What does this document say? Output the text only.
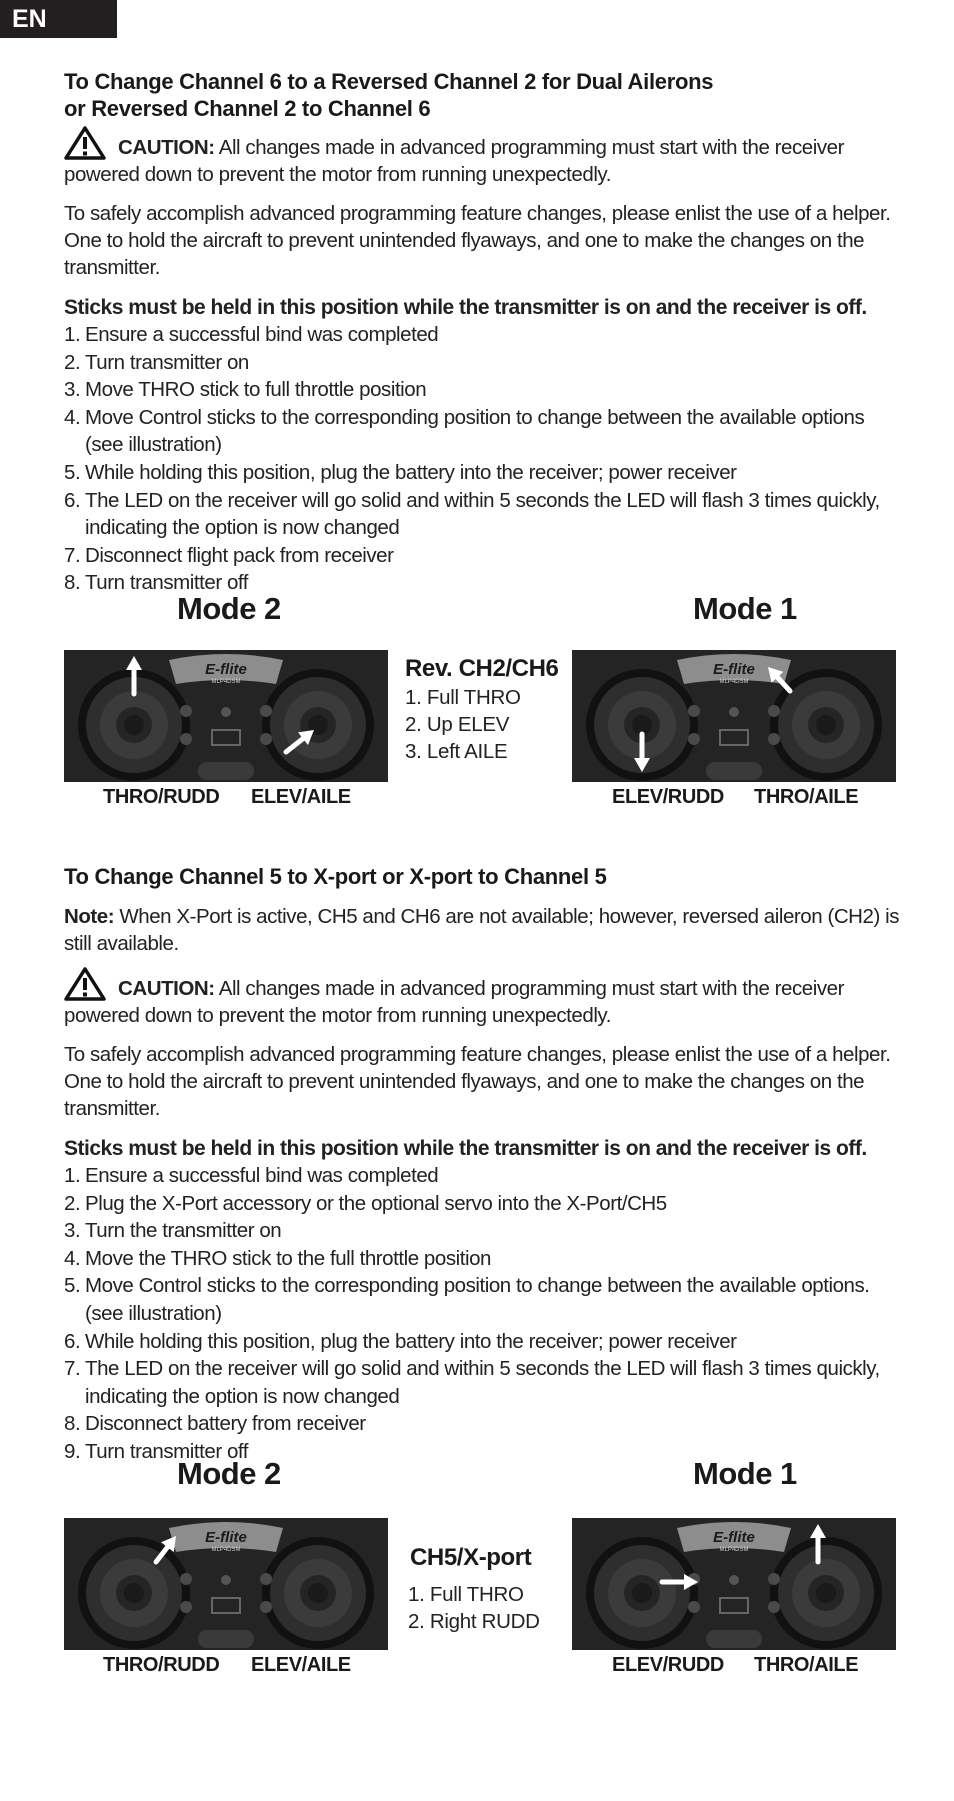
EN
To Change Channel 6 to a Reversed Channel 2 for Dual Ailerons
or Reversed Channel 2 to Channel 6

CAUTION: All changes made in advanced programming must start with the receiver powered down to prevent the motor from running unexpectedly.

To safely accomplish advanced programming feature changes, please enlist the use of a helper. One to hold the aircraft to prevent unintended flyaways, and one to make the changes on the transmitter.

Sticks must be held in this position while the transmitter is on and the receiver is off.
1. Ensure a successful bind was completed
2. Turn transmitter on
3. Move THRO stick to full throttle position
4. Move Control sticks to the corresponding position to change between the available options (see illustration)
5. While holding this position, plug the battery into the receiver; power receiver
6. The LED on the receiver will go solid and within 5 seconds the LED will flash 3 times quickly, indicating the option is now changed
7. Disconnect flight pack from receiver
8. Turn transmitter off
Mode 2	Mode 1
E-flite
MLP4DSM
E-flite
MLP4DSM
Rev. CH2/CH6
1. Full THRO
2. Up ELEV
3. Left AILE
THRO/RUDD ELEV/AILE	ELEV/RUDD THRO/AILE
To Change Channel 5 to X-port or X-port to Channel 5

Note: When X-Port is active, CH5 and CH6 are not available; however, reversed aileron (CH2) is still available.

CAUTION: All changes made in advanced programming must start with the receiver powered down to prevent the motor from running unexpectedly.

To safely accomplish advanced programming feature changes, please enlist the use of a helper. One to hold the aircraft to prevent unintended flyaways, and one to make the changes on the transmitter.

Sticks must be held in this position while the transmitter is on and the receiver is off.
1. Ensure a successful bind was completed
2. Plug the X-Port accessory or the optional servo into the X-Port/CH5
3. Turn the transmitter on
4. Move the THRO stick to the full throttle position
5. Move Control sticks to the corresponding position to change between the available options. (see illustration)
6. While holding this position, plug the battery into the receiver; power receiver
7. The LED on the receiver will go solid and within 5 seconds the LED will flash 3 times quickly, indicating the option is now changed
8. Disconnect battery from receiver
9. Turn transmitter off
Mode 2	Mode 1
E-flite
MLP4DSM
E-flite
MLP4DSM
CH5/X-port
1. Full THRO
2. Right RUDD
THRO/RUDD ELEV/AILE	ELEV/RUDD THRO/AILE
